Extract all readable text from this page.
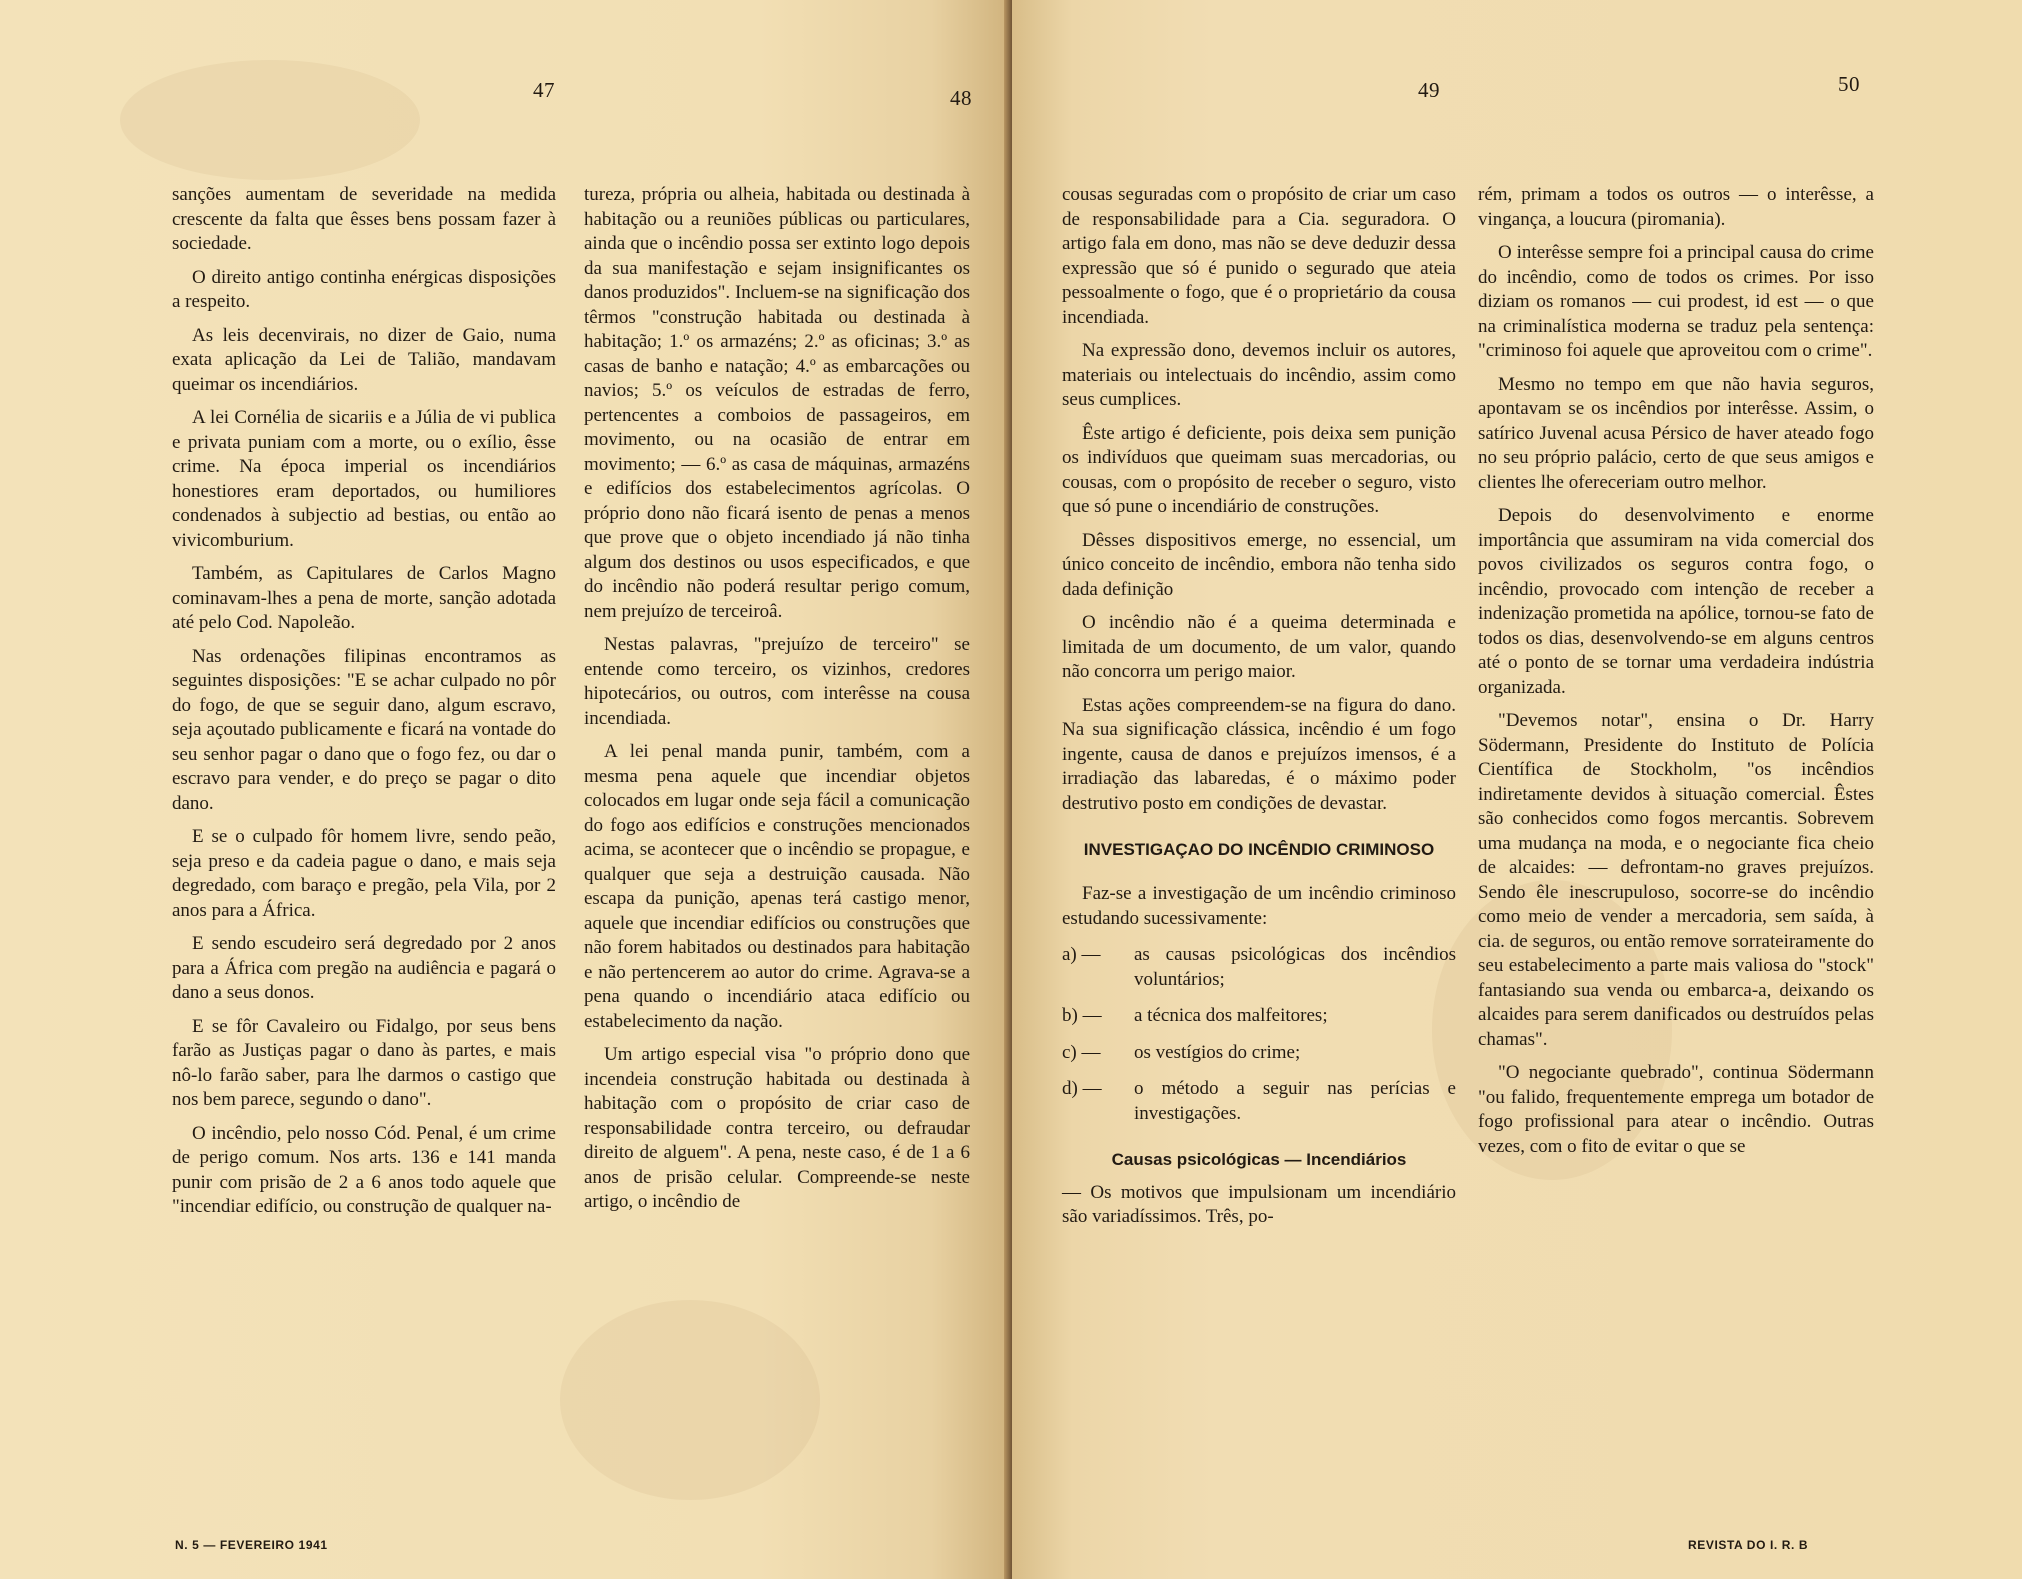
47	48

sanções aumentam de severidade na medida crescente da falta que êsses bens possam fazer à sociedade.

O direito antigo continha enérgicas disposições a respeito.

As leis decenvirais, no dizer de Gaio, numa exata aplicação da Lei de Talião, mandavam queimar os incendiários.

A lei Cornélia de sicariis e a Júlia de vi publica e privata puniam com a morte, ou o exílio, êsse crime. Na época imperial os incendiários honestiores eram deportados, ou humiliores condenados à subjectio ad bestias, ou então ao vivicomburium.

Também, as Capitulares de Carlos Magno cominavam-lhes a pena de morte, sanção adotada até pelo Cod. Napoleão.

Nas ordenações filipinas encontramos as seguintes disposições: "E se achar culpado no pôr do fogo, de que se seguir dano, algum escravo, seja açoutado publicamente e ficará na vontade do seu senhor pagar o dano que o fogo fez, ou dar o escravo para vender, e do preço se pagar o dito dano.

E se o culpado fôr homem livre, sendo peão, seja preso e da cadeia pague o dano, e mais seja degredado, com baraço e pregão, pela Vila, por 2 anos para a África.

E sendo escudeiro será degredado por 2 anos para a África com pregão na audiência e pagará o dano a seus donos.

E se fôr Cavaleiro ou Fidalgo, por seus bens farão as Justiças pagar o dano às partes, e mais nô-lo farão saber, para lhe darmos o castigo que nos bem parece, segundo o dano".

O incêndio, pelo nosso Cód. Penal, é um crime de perigo comum. Nos arts. 136 e 141 manda punir com prisão de 2 a 6 anos todo aquele que "incendiar edifício, ou construção de qualquer na-

tureza, própria ou alheia, habitada ou destinada à habitação ou a reuniões públicas ou particulares, ainda que o incêndio possa ser extinto logo depois da sua manifestação e sejam insignificantes os danos produzidos". Incluem-se na significação dos têrmos "construção habitada ou destinada à habitação; 1.º os armazéns; 2.º as oficinas; 3.º as casas de banho e natação; 4.º as embarcações ou navios; 5.º os veículos de estradas de ferro, pertencentes a comboios de passageiros, em movimento, ou na ocasião de entrar em movimento; — 6.º as casa de máquinas, armazéns e edifícios dos estabelecimentos agrícolas. O próprio dono não ficará isento de penas a menos que prove que o objeto incendiado já não tinha algum dos destinos ou usos especificados, e que do incêndio não poderá resultar perigo comum, nem prejuízo de terceiroâ.

Nestas palavras, "prejuízo de terceiro" se entende como terceiro, os vizinhos, credores hipotecários, ou outros, com interêsse na cousa incendiada.

A lei penal manda punir, também, com a mesma pena aquele que incendiar objetos colocados em lugar onde seja fácil a comunicação do fogo aos edifícios e construções mencionados acima, se acontecer que o incêndio se propague, e qualquer que seja a destruição causada. Não escapa da punição, apenas terá castigo menor, aquele que incendiar edifícios ou construções que não forem habitados ou destinados para habitação e não pertencerem ao autor do crime. Agrava-se a pena quando o incendiário ataca edifício ou estabelecimento da nação.

Um artigo especial visa "o próprio dono que incendeia construção habitada ou destinada à habitação com o propósito de criar caso de responsabilidade contra terceiro, ou defraudar direito de alguem". A pena, neste caso, é de 1 a 6 anos de prisão celular. Compreende-se neste artigo, o incêndio de

N. 5 — FEVEREIRO 1941
49	50

cousas seguradas com o propósito de criar um caso de responsabilidade para a Cia. seguradora. O artigo fala em dono, mas não se deve deduzir dessa expressão que só é punido o segurado que ateia pessoalmente o fogo, que é o proprietário da cousa incendiada.

Na expressão dono, devemos incluir os autores, materiais ou intelectuais do incêndio, assim como seus cumplices.

Êste artigo é deficiente, pois deixa sem punição os indivíduos que queimam suas mercadorias, ou cousas, com o propósito de receber o seguro, visto que só pune o incendiário de construções.

Dêsses dispositivos emerge, no essencial, um único conceito de incêndio, embora não tenha sido dada definição

O incêndio não é a queima determinada e limitada de um documento, de um valor, quando não concorra um perigo maior.

Estas ações compreendem-se na figura do dano. Na sua significação clássica, incêndio é um fogo ingente, causa de danos e prejuízos imensos, é a irradiação das labaredas, é o máximo poder destrutivo posto em condições de devastar.

INVESTIGAÇAO DO INCÊNDIO CRIMINOSO

Faz-se a investigação de um incêndio criminoso estudando sucessivamente:

a) — as causas psicológicas dos incêndios voluntários;
b) — a técnica dos malfeitores;
c) — os vestígios do crime;
d) — o método a seguir nas perícias e investigações.
Causas psicológicas — Incendiários

— Os motivos que impulsionam um incendiário são variadíssimos. Três, po-

rém, primam a todos os outros — o interêsse, a vingança, a loucura (piromania).

O interêsse sempre foi a principal causa do crime do incêndio, como de todos os crimes. Por isso diziam os romanos — cui prodest, id est — o que na criminalística moderna se traduz pela sentença: "criminoso foi aquele que aproveitou com o crime".

Mesmo no tempo em que não havia seguros, apontavam se os incêndios por interêsse. Assim, o satírico Juvenal acusa Pérsico de haver ateado fogo no seu próprio palácio, certo de que seus amigos e clientes lhe ofereceriam outro melhor.

Depois do desenvolvimento e enorme importância que assumiram na vida comercial dos povos civilizados os seguros contra fogo, o incêndio, provocado com intenção de receber a indenização prometida na apólice, tornou-se fato de todos os dias, desenvolvendo-se em alguns centros até o ponto de se tornar uma verdadeira indústria organizada.

"Devemos notar", ensina o Dr. Harry Södermann, Presidente do Instituto de Polícia Científica de Stockholm, "os incêndios indiretamente devidos à situação comercial. Êstes são conhecidos como fogos mercantis. Sobrevem uma mudança na moda, e o negociante fica cheio de alcaides: — defrontam-no graves prejuízos. Sendo êle inescrupuloso, socorre-se do incêndio como meio de vender a mercadoria, sem saída, à cia. de seguros, ou então remove sorrateiramente do seu estabelecimento a parte mais valiosa do "stock" fantasiando sua venda ou embarca-a, deixando os alcaides para serem danificados ou destruídos pelas chamas".

"O negociante quebrado", continua Södermann "ou falido, frequentemente emprega um botador de fogo profissional para atear o incêndio. Outras vezes, com o fito de evitar o que se

REVISTA DO I. R. B
